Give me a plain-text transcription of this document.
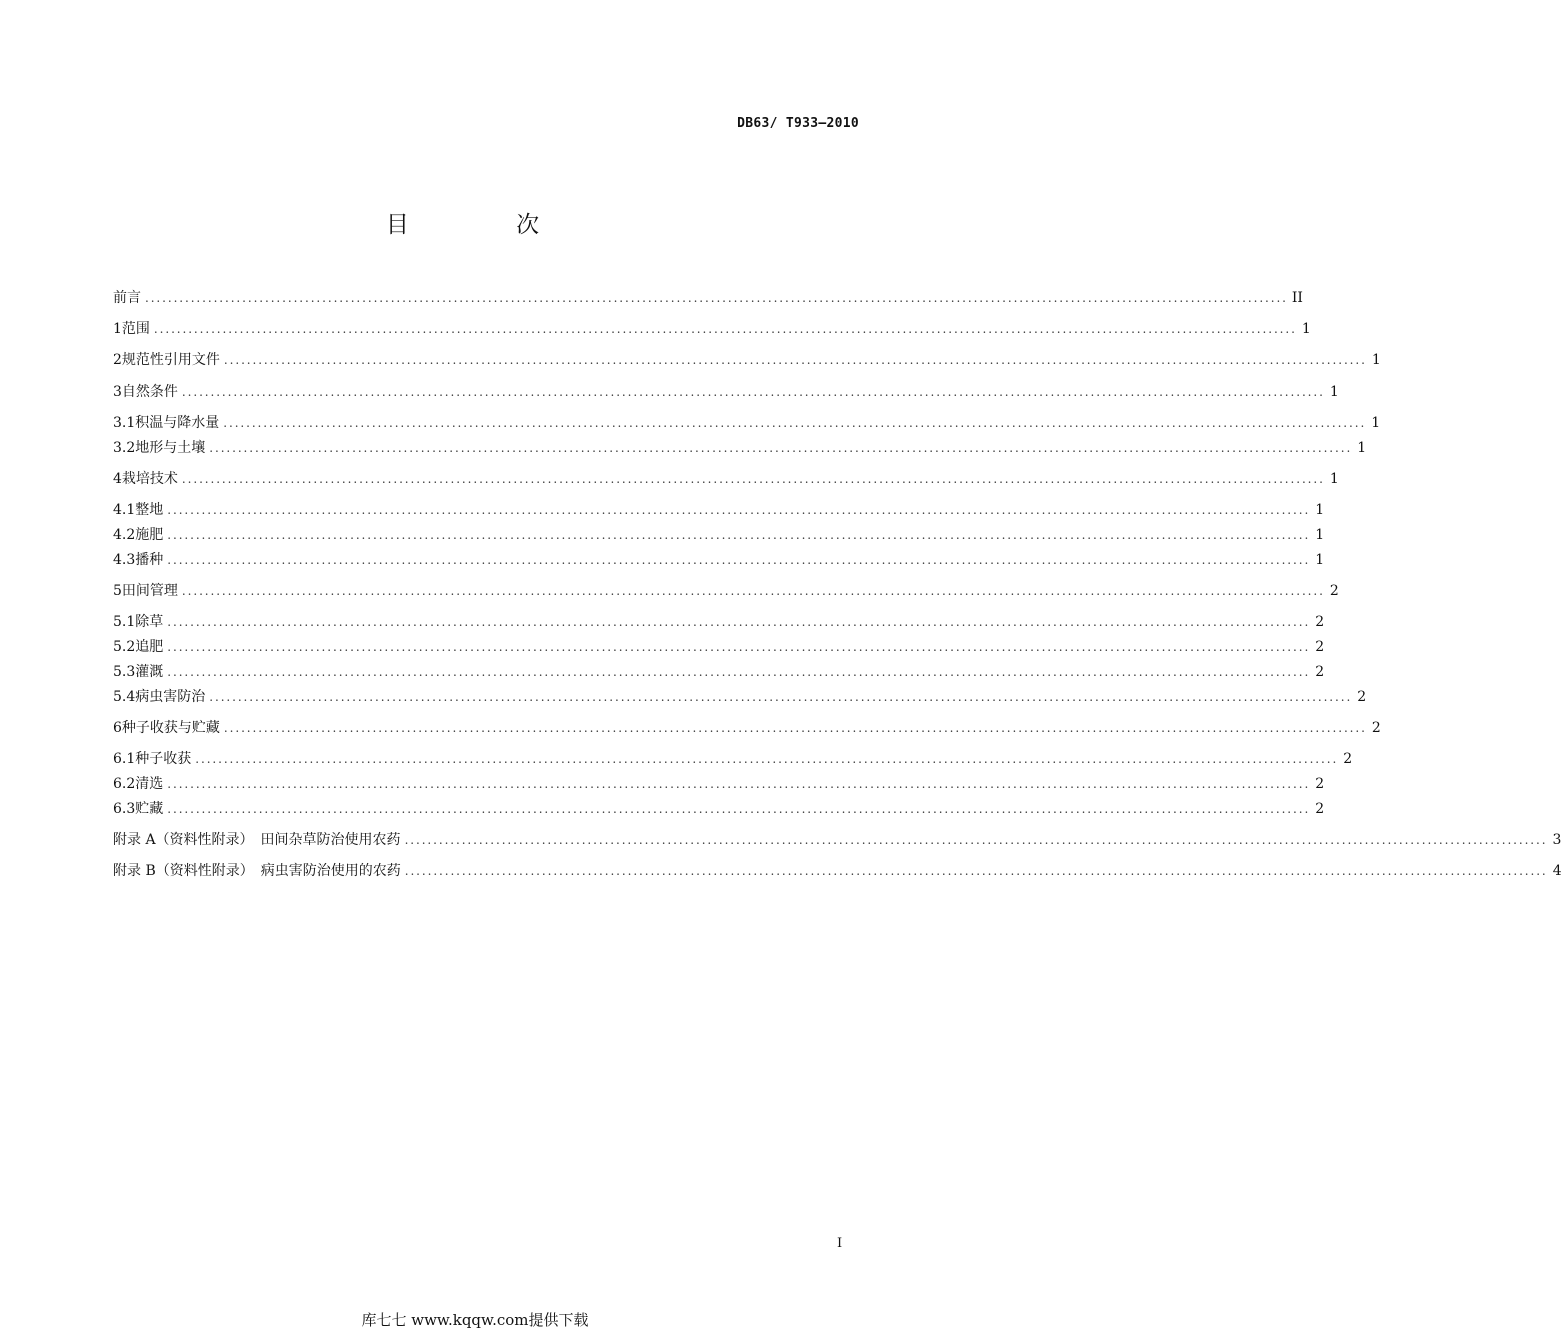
DB63/ T933—2010
目 次
前言 ........................................................................................................................................................................................................ II
1 范围 ........................................................................................................................................................................................................ 1
2 规范性引用文件 ........................................................................................................................................................................................................ 1
3 自然条件 ........................................................................................................................................................................................................ 1
3.1 积温与降水量 ........................................................................................................................................................................................................ 1
3.2 地形与土壤 ........................................................................................................................................................................................................ 1
4 栽培技术 ........................................................................................................................................................................................................ 1
4.1 整地 ........................................................................................................................................................................................................ 1
4.2 施肥 ........................................................................................................................................................................................................ 1
4.3 播种 ........................................................................................................................................................................................................ 1
5 田间管理 ........................................................................................................................................................................................................ 2
5.1 除草 ........................................................................................................................................................................................................ 2
5.2 追肥 ........................................................................................................................................................................................................ 2
5.3 灌溉 ........................................................................................................................................................................................................ 2
5.4 病虫害防治 ........................................................................................................................................................................................................ 2
6 种子收获与贮藏 ........................................................................................................................................................................................................ 2
6.1 种子收获 ........................................................................................................................................................................................................ 2
6.2 清选 ........................................................................................................................................................................................................ 2
6.3 贮藏 ........................................................................................................................................................................................................ 2
附录 A（资料性附录）　田间杂草防治使用农药 ........................................................................................................................................................................................................ 3
附录 B（资料性附录）　病虫害防治使用的农药 ........................................................................................................................................................................................................ 4
I
库七七 www.kqqw.com提供下载
